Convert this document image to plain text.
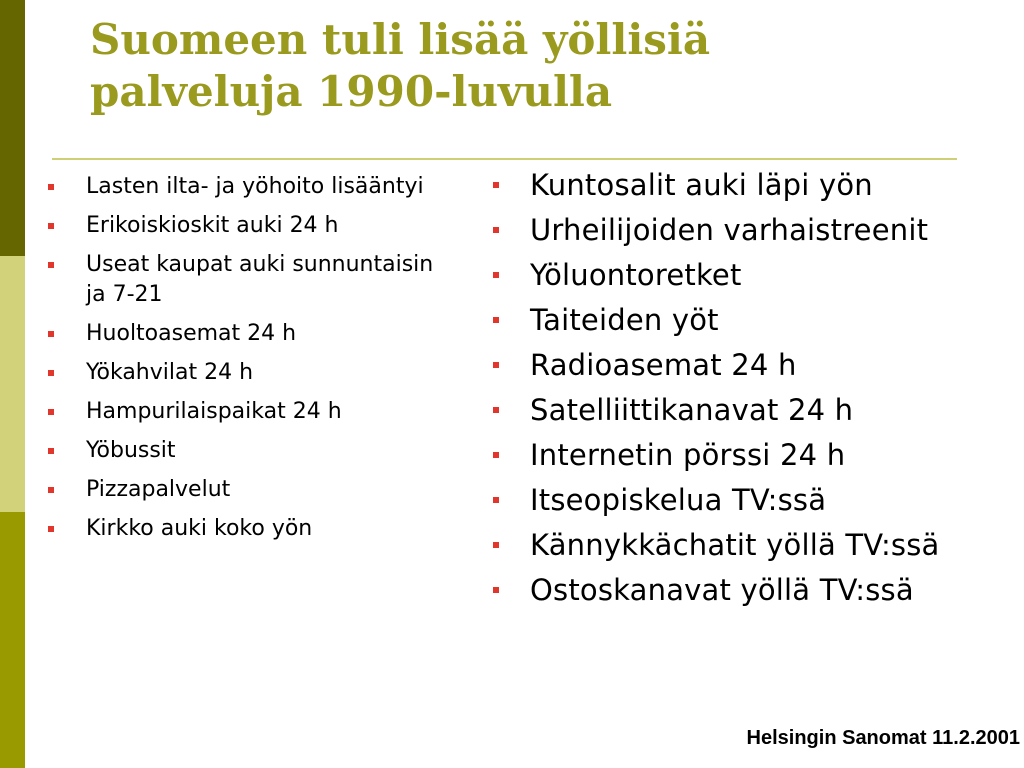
Suomeen tuli lisää yöllisiä
palveluja 1990-luvulla
Lasten ilta- ja yöhoito lisääntyi
Erikoiskioskit auki 24 h
Useat kaupat auki sunnuntaisin ja 7-21
Huoltoasemat 24 h
Yökahvilat 24 h
Hampurilaispaikat 24 h
Yöbussit
Pizzapalvelut
Kirkko auki koko yön
Kuntosalit auki läpi yön
Urheilijoiden varhaistreenit
Yöluontoretket
Taiteiden yöt
Radioasemat 24 h
Satelliittikanavat 24 h
Internetin pörssi 24 h
Itseopiskelua TV:ssä
Kännykkächatit yöllä TV:ssä
Ostoskanavat yöllä TV:ssä
Helsingin Sanomat 11.2.2001
